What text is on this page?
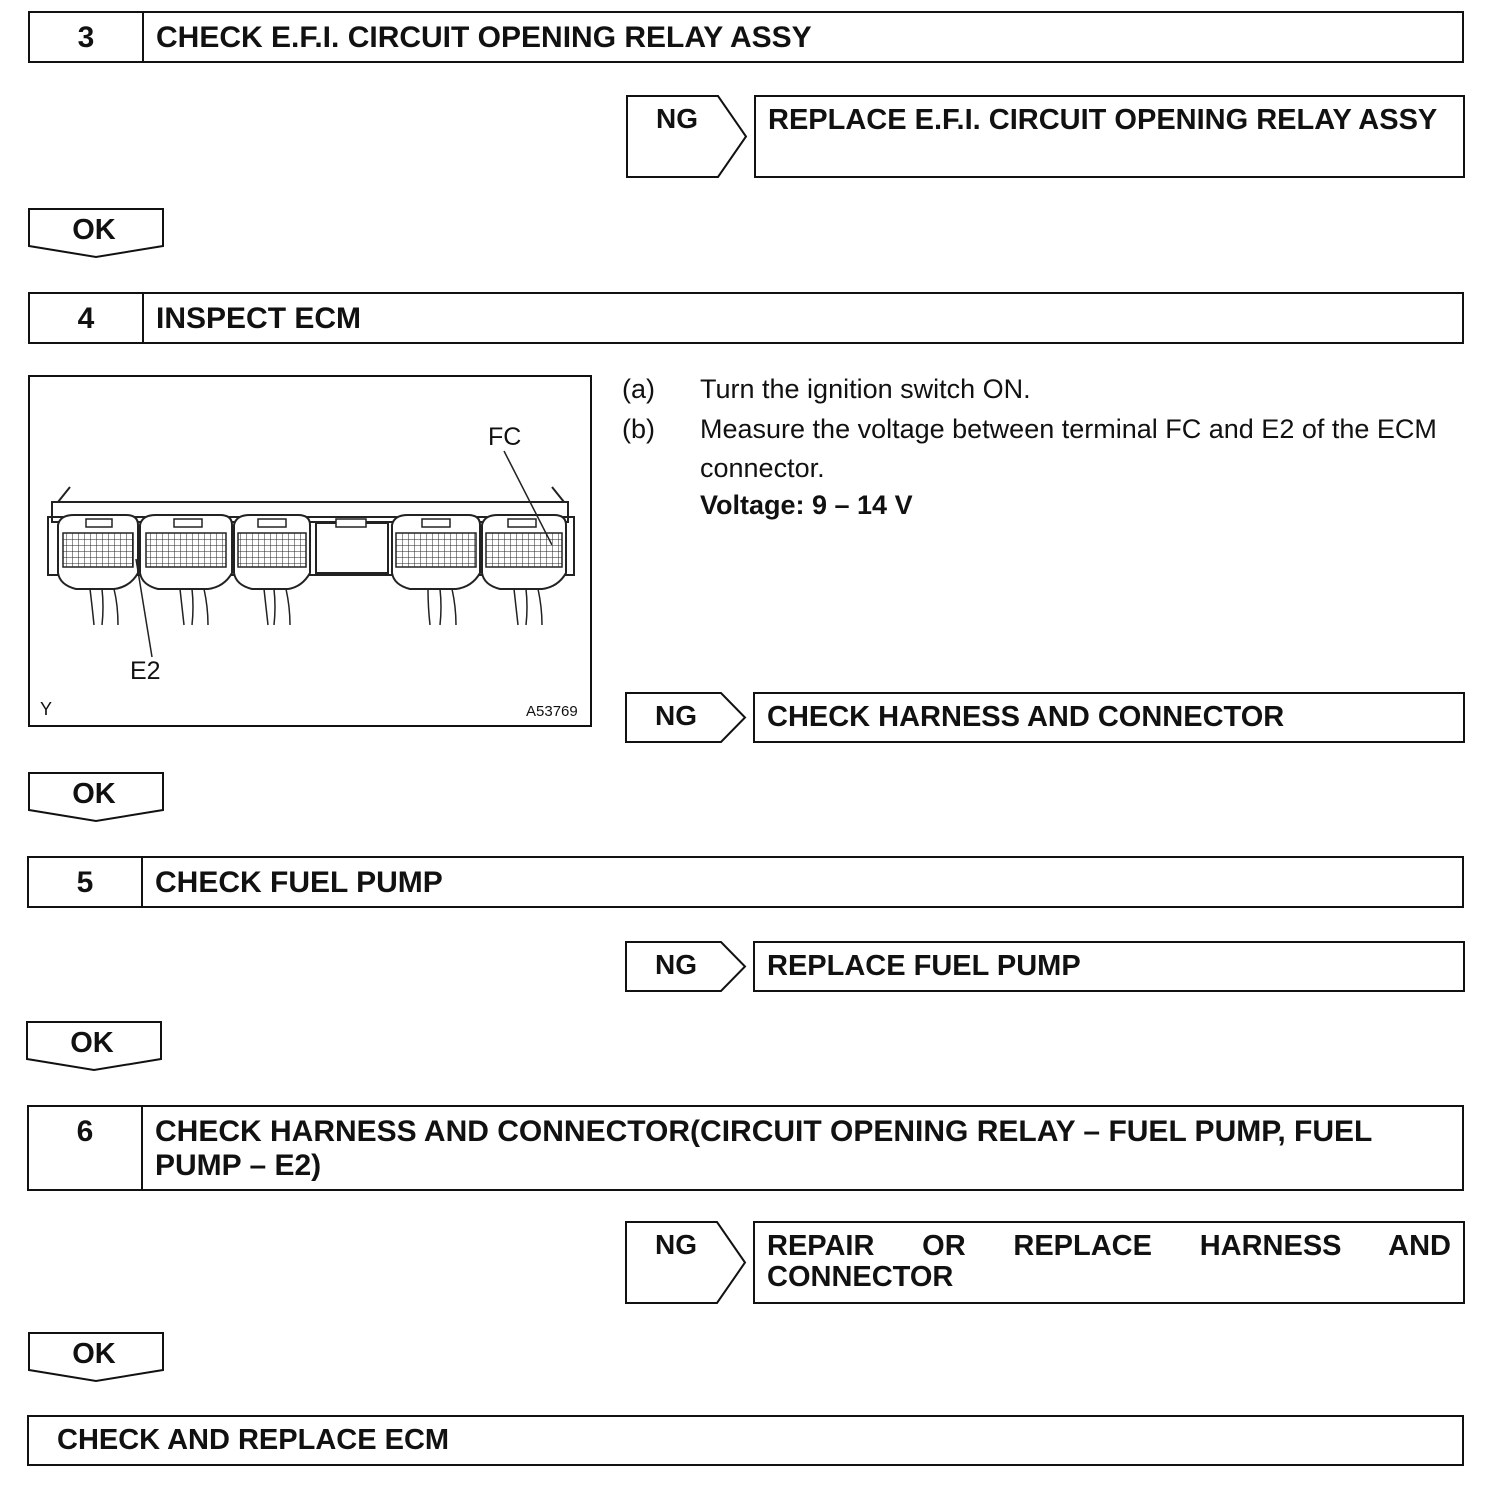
3	CHECK E.F.I. CIRCUIT OPENING RELAY ASSY
NG	REPLACE E.F.I. CIRCUIT OPENING RELAY ASSY
OK
4	INSPECT ECM
FC
E2
Y	A53769
(a) Turn the ignition switch ON.
(b) Measure the voltage between terminal FC and E2 of the ECM connector.
Voltage: 9 – 14 V
NG	CHECK HARNESS AND CONNECTOR
OK
5	CHECK FUEL PUMP
NG	REPLACE FUEL PUMP
OK
6	CHECK HARNESS AND CONNECTOR(CIRCUIT OPENING RELAY – FUEL PUMP, FUEL PUMP – E2)
NG	REPAIR OR REPLACE HARNESS AND CONNECTOR
OK
CHECK AND REPLACE ECM
